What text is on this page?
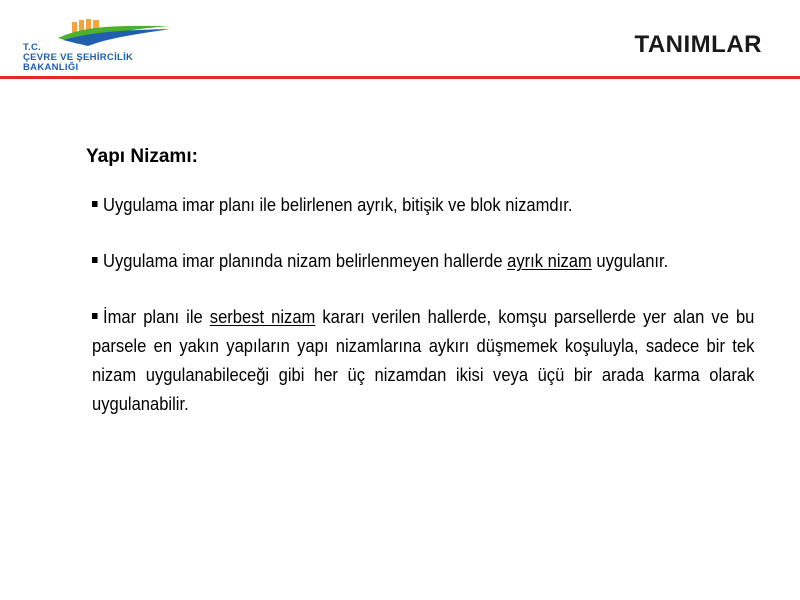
T.C.
ÇEVRE VE ŞEHİRCİLİK
BAKANLIĞI
TANIMLAR
Yapı Nizamı:
Uygulama imar planı ile belirlenen ayrık, bitişik ve blok nizamdır.
Uygulama imar planında nizam belirlenmeyen hallerde ayrık nizam uygulanır.
İmar planı ile serbest nizam kararı verilen hallerde, komşu parsellerde yer alan ve bu parsele en yakın yapıların yapı nizamlarına aykırı düşmemek koşuluyla, sadece bir tek nizam uygulanabileceği gibi her üç nizamdan ikisi veya üçü bir arada karma olarak uygulanabilir.
